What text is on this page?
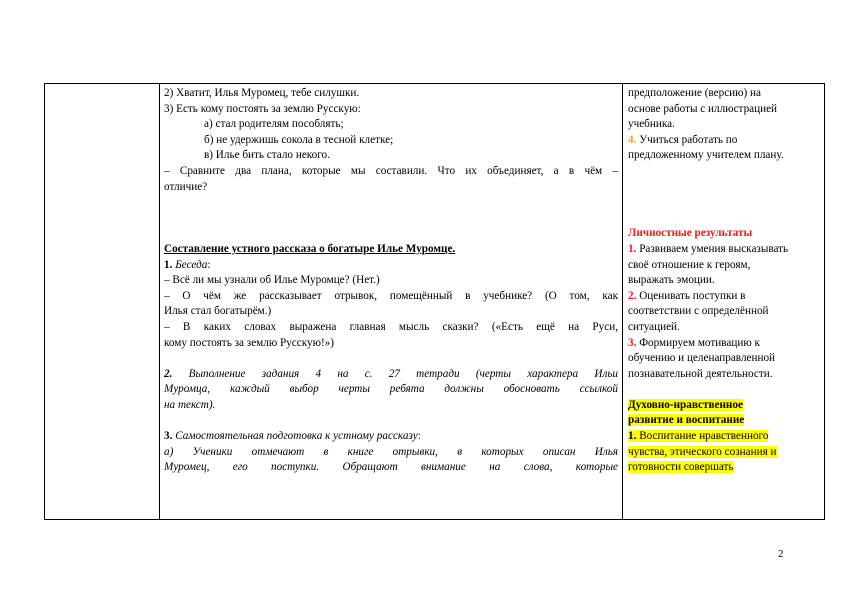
2) Хватит, Илья Муромец, тебе силушки.
3) Есть кому постоять за землю Русскую:
а) стал родителям пособлять;
б) не удержишь сокола в тесной клетке;
в) Илье бить стало некого.
– Сравните два плана, которые мы составили. Что их объединяет, а в чём –
отличие?
Составление устного рассказа о богатыре Илье Муромце.
1. Беседа:
– Всё ли мы узнали об Илье Муромце? (Нет.)
– О чём же рассказывает отрывок, помещённый в учебнике? (О том, как
Илья стал богатырём.)
– В каких словах выражена главная мысль сказки? («Есть ещё на Руси,
кому постоять за землю Русскую!»)
2. Выполнение задания 4 на с. 27 тетради (черты характера Ильи
Муромца, каждый выбор черты ребята должны обосновать ссылкой
на текст).
3. Самостоятельная подготовка к устному рассказу:
а) Ученики отмечают в книге отрывки, в которых описан Илья
Муромец, его поступки. Обращают внимание на слова, которые
предположение (версию) на
основе работы с иллюстрацией
учебника.
4. Учиться работать по
предложенному учителем плану.
Личностные результаты
1. Развиваем умения высказывать
своё отношение к героям,
выражать эмоции.
2. Оценивать поступки в
соответствии с определённой
ситуацией.
3. Формируем мотивацию к
обучению и целенаправленной
познавательной деятельности.
Духовно-нравственное
развитие и воспитание
1. Воспитание нравственного
чувства, этического сознания и
готовности совершать
2
